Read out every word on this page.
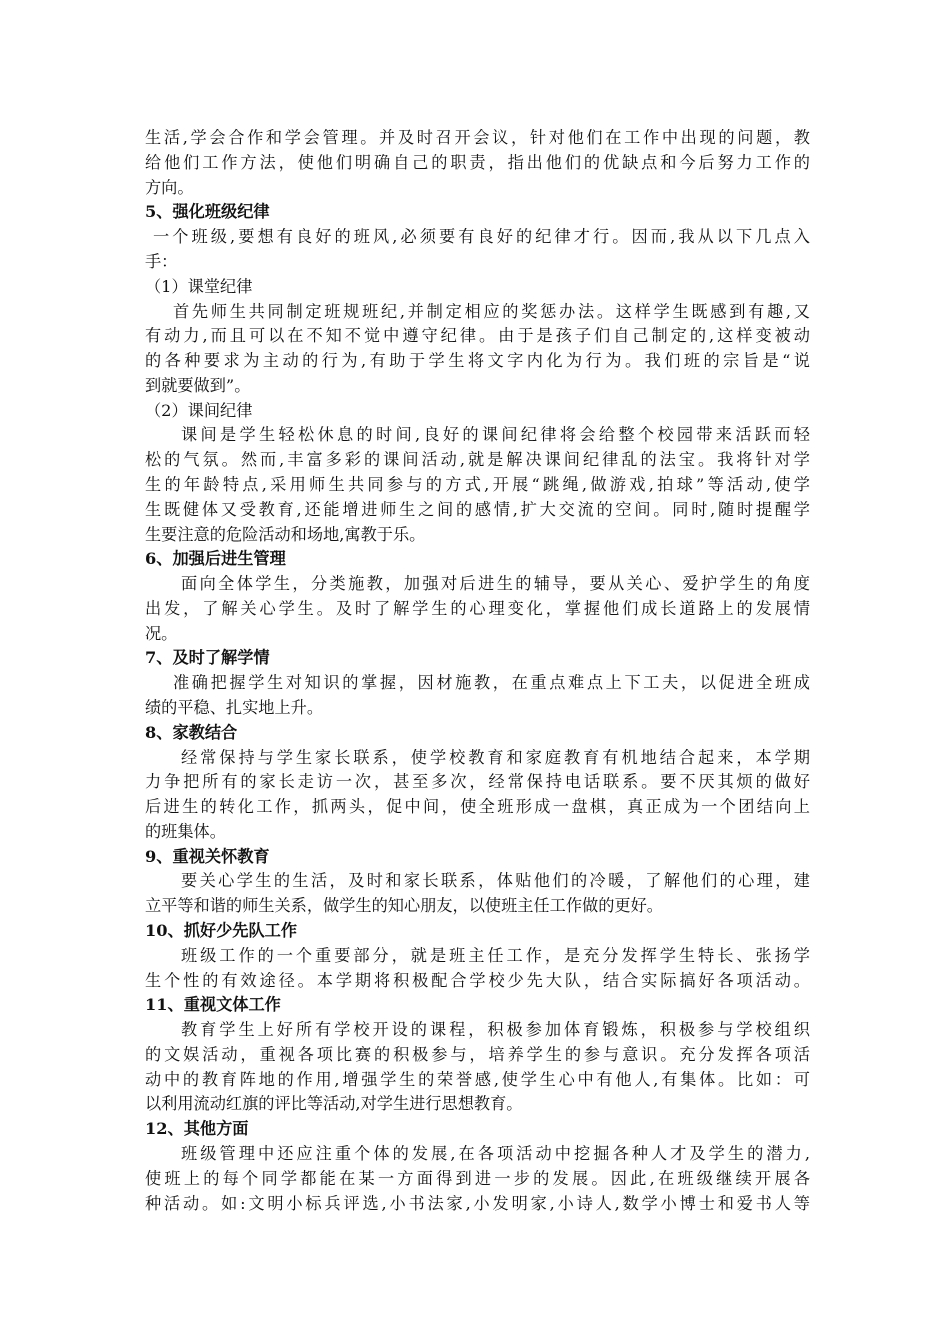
生活,学会合作和学会管理。并及时召开会议，针对他们在工作中出现的问题，教
给他们工作方法，使他们明确自己的职责，指出他们的优缺点和今后努力工作的
方向。
5、强化班级纪律
一个班级,要想有良好的班风,必须要有良好的纪律才行。因而,我从以下几点入
手：
（1）课堂纪律
首先师生共同制定班规班纪,并制定相应的奖惩办法。这样学生既感到有趣,又
有动力,而且可以在不知不觉中遵守纪律。由于是孩子们自己制定的,这样变被动
的各种要求为主动的行为,有助于学生将文字内化为行为。我们班的宗旨是“说
到就要做到”。
（2）课间纪律
课间是学生轻松休息的时间,良好的课间纪律将会给整个校园带来活跃而轻
松的气氛。然而,丰富多彩的课间活动,就是解决课间纪律乱的法宝。我将针对学
生的年龄特点,采用师生共同参与的方式,开展“跳绳,做游戏,拍球”等活动,使学
生既健体又受教育,还能增进师生之间的感情,扩大交流的空间。同时,随时提醒学
生要注意的危险活动和场地,寓教于乐。
6、加强后进生管理
面向全体学生，分类施教，加强对后进生的辅导，要从关心、爱护学生的角度
出发，了解关心学生。及时了解学生的心理变化，掌握他们成长道路上的发展情
况。
7、及时了解学情
准确把握学生对知识的掌握，因材施教，在重点难点上下工夫，以促进全班成
绩的平稳、扎实地上升。
8、家教结合
经常保持与学生家长联系，使学校教育和家庭教育有机地结合起来，本学期
力争把所有的家长走访一次，甚至多次，经常保持电话联系。要不厌其烦的做好
后进生的转化工作，抓两头，促中间，使全班形成一盘棋，真正成为一个团结向上
的班集体。
9、重视关怀教育
要关心学生的生活，及时和家长联系，体贴他们的冷暖，了解他们的心理，建
立平等和谐的师生关系，做学生的知心朋友，以使班主任工作做的更好。
10、抓好少先队工作
班级工作的一个重要部分，就是班主任工作，是充分发挥学生特长、张扬学
生个性的有效途径。本学期将积极配合学校少先大队，结合实际搞好各项活动。
11、重视文体工作
教育学生上好所有学校开设的课程，积极参加体育锻炼，积极参与学校组织
的文娱活动，重视各项比赛的积极参与，培养学生的参与意识。充分发挥各项活
动中的教育阵地的作用,增强学生的荣誉感,使学生心中有他人,有集体。比如：可
以利用流动红旗的评比等活动,对学生进行思想教育。
12、其他方面
班级管理中还应注重个体的发展,在各项活动中挖掘各种人才及学生的潜力,
使班上的每个同学都能在某一方面得到进一步的发展。因此,在班级继续开展各
种活动。如:文明小标兵评选,小书法家,小发明家,小诗人,数学小博士和爱书人等
